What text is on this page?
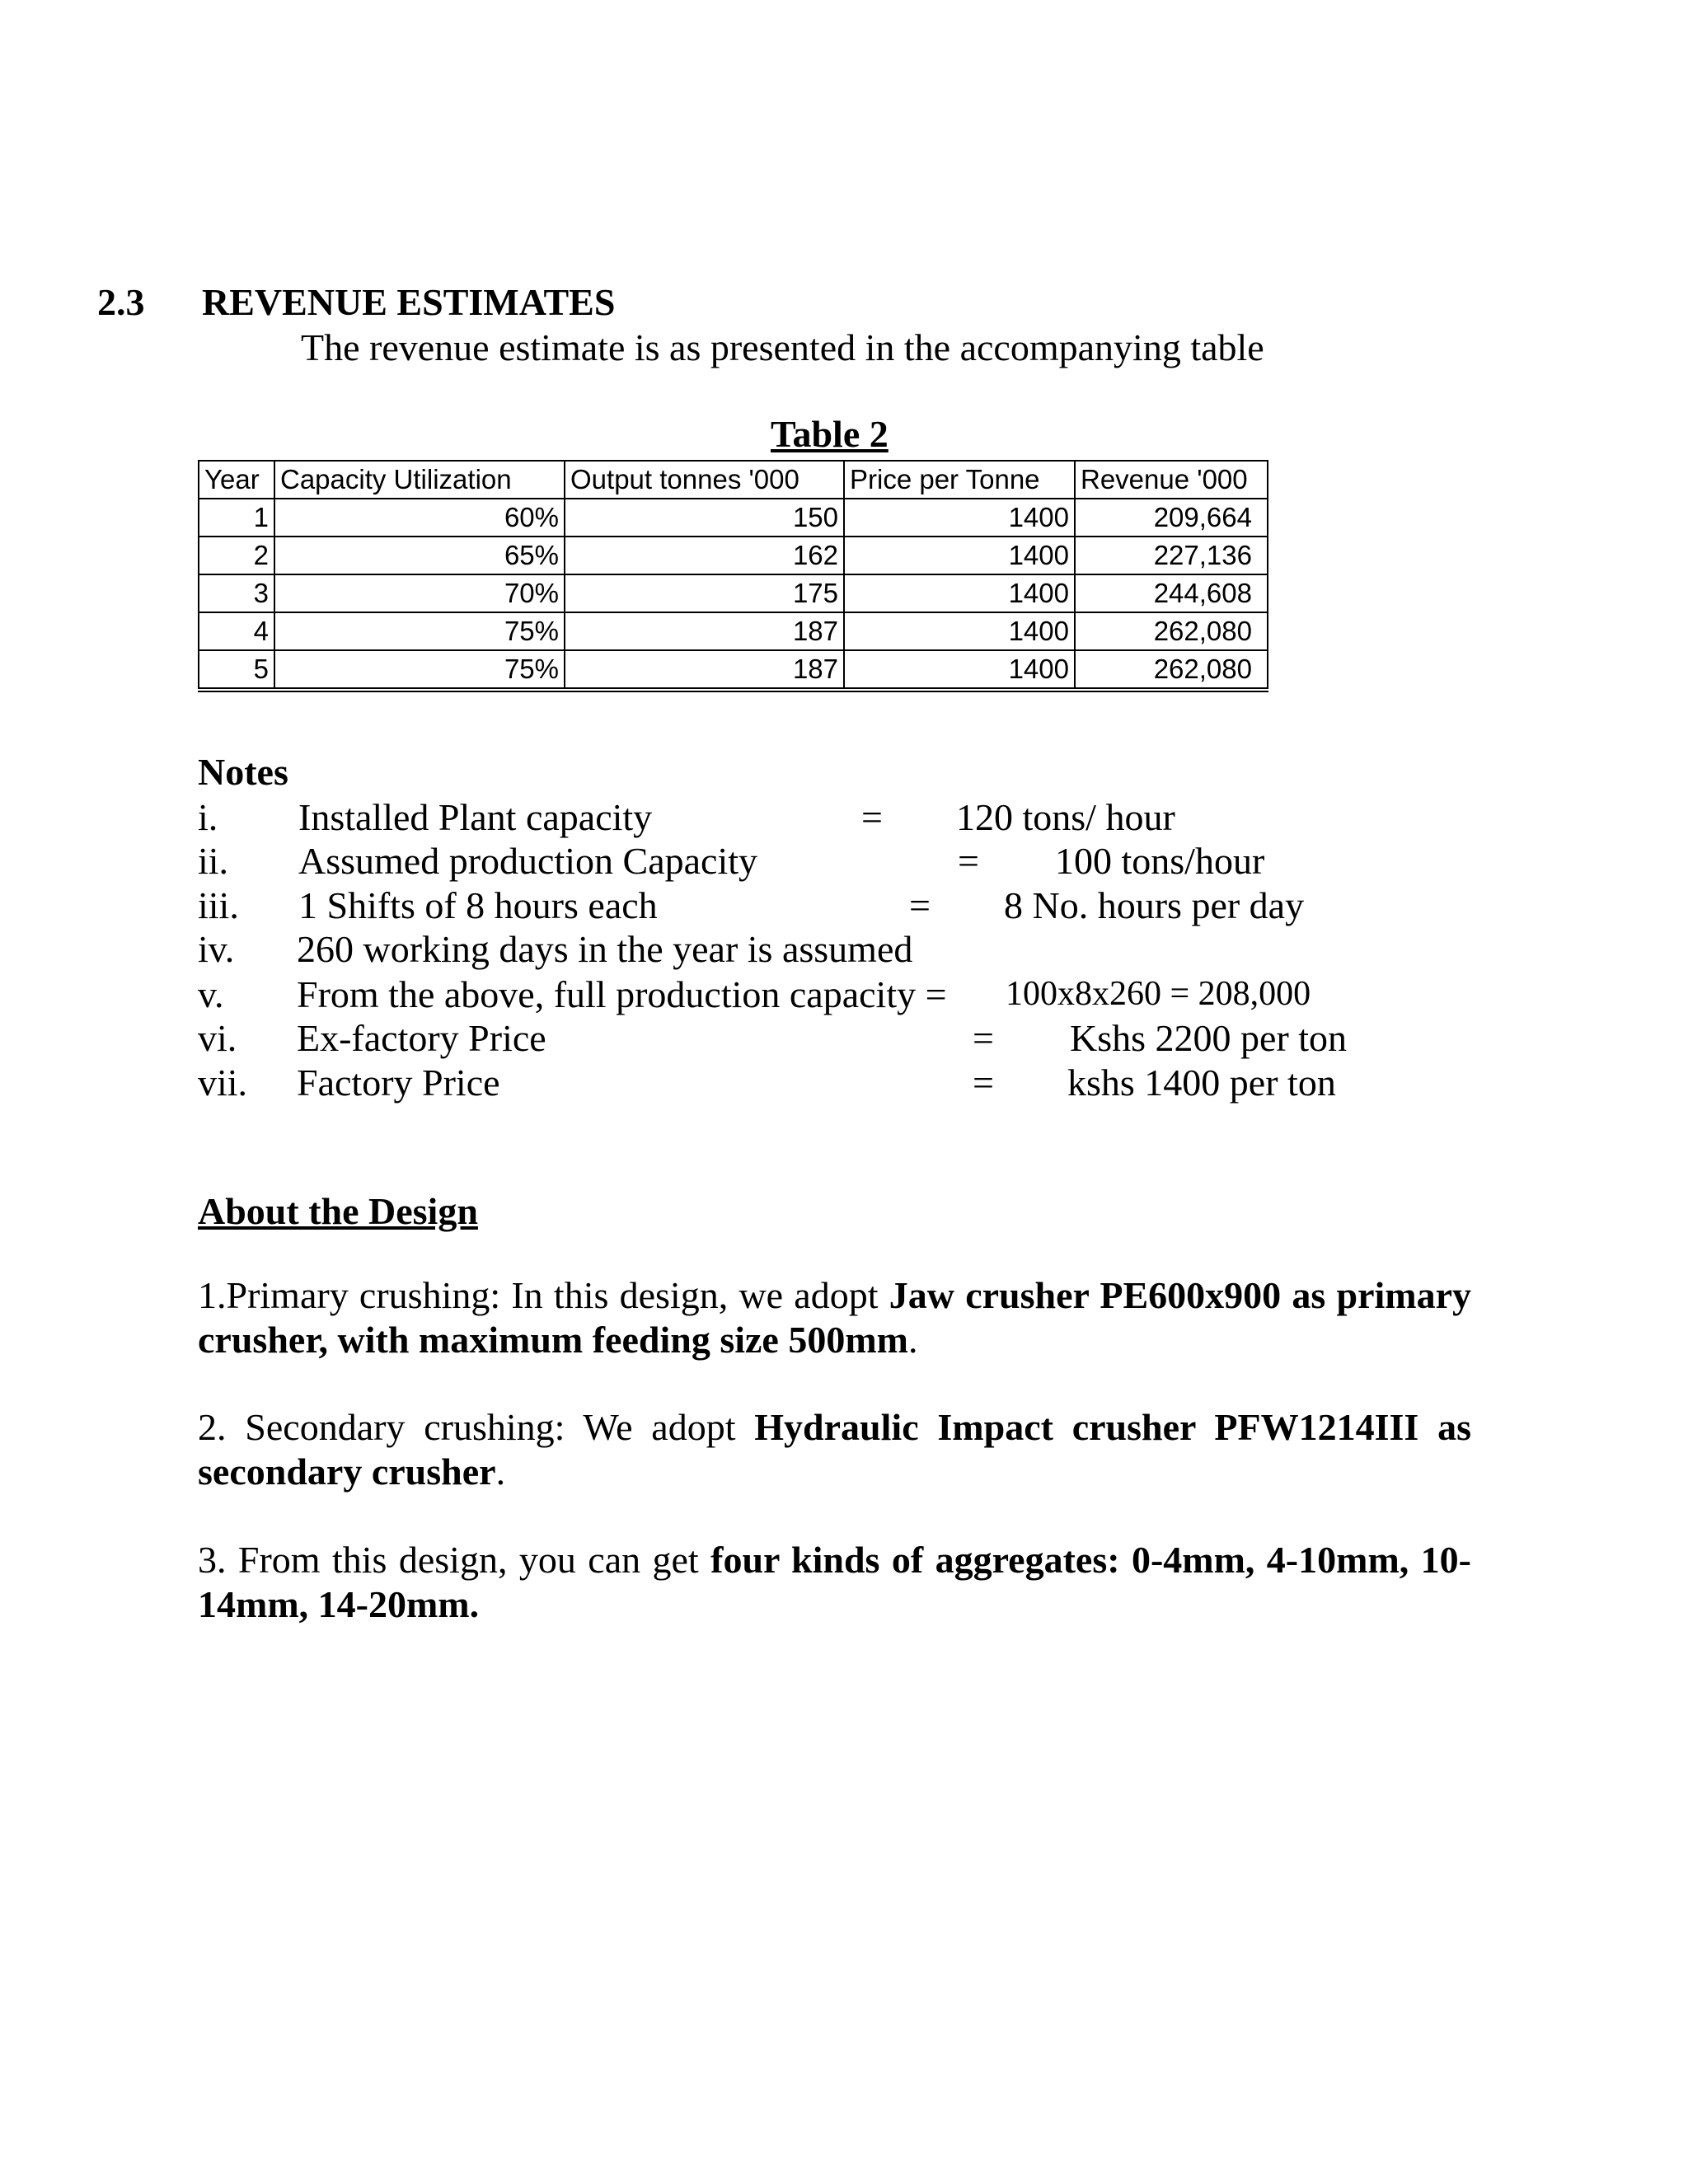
2.3 REVENUE ESTIMATES
The revenue estimate is as presented in the accompanying table
Table 2
Year	Capacity Utilization	Output tonnes '000	Price per Tonne	Revenue '000
1	60%	150	1400	209,664
2	65%	162	1400	227,136
3	70%	175	1400	244,608
4	75%	187	1400	262,080
5	75%	187	1400	262,080
Notes
i. Installed Plant capacity	= 120 tons/ hour
ii. Assumed production Capacity	= 100 tons/hour
iii. 1 Shifts of 8 hours each	= 8 No. hours per day
iv. 260 working days in the year is assumed
v. From the above, full production capacity = 100x8x260 = 208,000
vi. Ex-factory Price	= Kshs 2200 per ton
vii. Factory Price	= kshs 1400 per ton
About the Design

1.Primary crushing: In this design, we adopt Jaw crusher PE600x900 as primary crusher, with maximum feeding size 500mm.

2. Secondary crushing: We adopt Hydraulic Impact crusher PFW1214III as secondary crusher.

3. From this design, you can get four kinds of aggregates: 0-4mm, 4-10mm, 10-14mm, 14-20mm.
